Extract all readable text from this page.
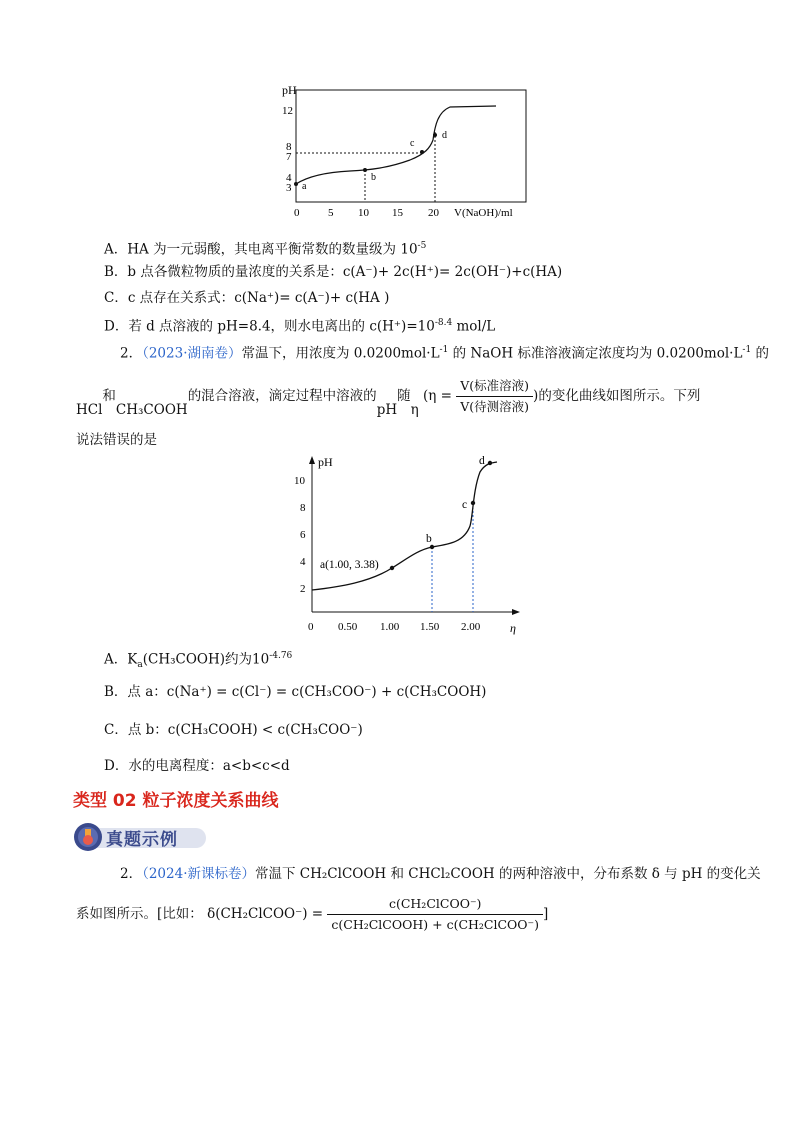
pH
12
8
7
4
3
0	5 10 15 20 V(NaOH)/ml
a
b
c
d
A．HA 为一元弱酸，其电离平衡常数的数量级为 $10^{-5}$
B．b 点各微粒物质的量浓度的关系是：c(A⁻)+ 2c(H⁺)= 2c(OH⁻)+c(HA)
C．c 点存在关系式：c(Na⁺)= c(A⁻)+ c(HA )
D．若 d 点溶液的 pH=8.4，则水电离出的 $c(H^+)=10^{-8.4}$ mol/L
2．（2023·湖南卷）常温下，用浓度为 $0.0200mol\cdot L^{-1}$ 的 NaOH 标准溶液滴定浓度均为 $0.0200mol\cdot L^{-1}$ 的
HCl和CH₃COOH的混合溶液，滴定过程中溶液的pH随η ($\eta = \frac{\text{V(标准溶液)}}{\text{V(待测溶液)}}$ )的变化曲线如图所示。下列
说法错误的是
pH
η
10
8
6
4
2
0 0.50 1.00 1.50 2.00
a(1.00, 3.38)
b
c
d
A．$K_a(CH_3COOH)$约为$10^{-4.76}$
B．点 a：c(Na⁺) = c(Cl⁻) = c(CH₃COO⁻) + c(CH₃COOH)
C．点 b：c(CH₃COOH) < c(CH₃COO⁻)
D．水的电离程度：a<b<c<d
类型 02 粒子浓度关系曲线
真题示例
2．（2024·新课标卷）常温下 CH₂ClCOOH 和 CHCl₂COOH 的两种溶液中，分布系数 δ 与 pH 的变化关
系如图所示。[比如： δ(CH₂ClCOO⁻) = $\frac{\text{c(CH₂ClCOO⁻)}}{\text{c(CH₂ClCOOH) + c(CH₂ClCOO⁻)}}$ ]
